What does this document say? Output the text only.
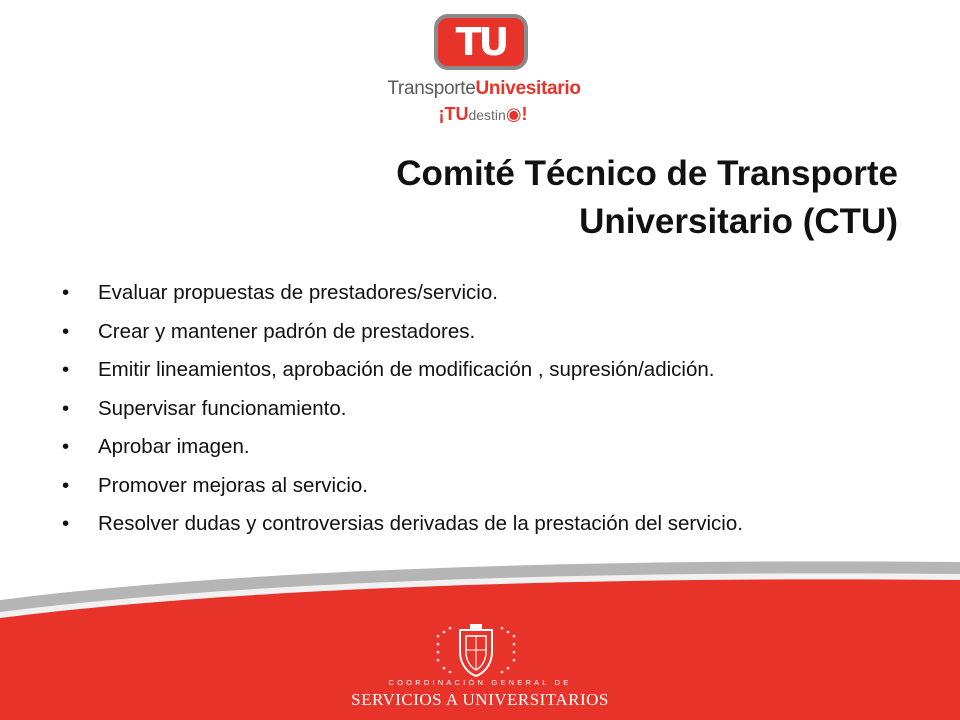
TU
TransporteUnivesitario
¡TUdestin◉!
Comité Técnico de Transporte
Universitario (CTU)
•	Evaluar propuestas de prestadores/servicio.
•	Crear y mantener padrón de prestadores.
•	Emitir lineamientos, aprobación de modificación , supresión/adición.
•	Supervisar funcionamiento.
•	Aprobar imagen.
•	Promover mejoras al servicio.
•	Resolver dudas y controversias derivadas de la prestación del servicio.
COORDINACIÓN GENERAL DE
SERVICIOS A UNIVERSITARIOS
